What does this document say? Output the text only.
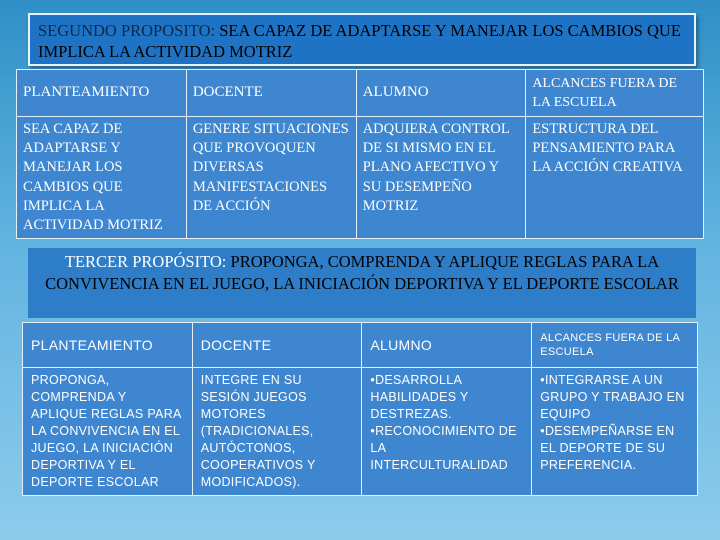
SEGUNDO PROPOSITO: SEA CAPAZ DE ADAPTARSE Y MANEJAR LOS CAMBIOS QUE IMPLICA LA ACTIVIDAD MOTRIZ
PLANTEAMIENTO	DOCENTE	ALUMNO	ALCANCES FUERA DE LA ESCUELA
SEA CAPAZ DE ADAPTARSE Y MANEJAR LOS CAMBIOS QUE IMPLICA LA ACTIVIDAD MOTRIZ	GENERE SITUACIONES QUE PROVOQUEN DIVERSAS MANIFESTACIONES DE ACCIÓN	ADQUIERA CONTROL DE SI MISMO EN EL PLANO AFECTIVO Y SU DESEMPEÑO MOTRIZ	ESTRUCTURA DEL PENSAMIENTO PARA LA ACCIÓN CREATIVA
TERCER PROPÓSITO: PROPONGA, COMPRENDA Y APLIQUE REGLAS PARA LA CONVIVENCIA EN EL JUEGO, LA INICIACIÓN DEPORTIVA Y EL DEPORTE ESCOLAR
PLANTEAMIENTO	DOCENTE	ALUMNO	ALCANCES FUERA DE LA ESCUELA
PROPONGA, COMPRENDA Y APLIQUE REGLAS PARA LA CONVIVENCIA EN EL JUEGO, LA INICIACIÓN DEPORTIVA Y EL DEPORTE ESCOLAR	INTEGRE EN SU SESIÓN JUEGOS MOTORES (TRADICIONALES, AUTÓCTONOS, COOPERATIVOS Y MODIFICADOS).	•DESARROLLA HABILIDADES Y DESTREZAS. •RECONOCIMIENTO DE LA INTERCULTURALIDAD	•INTEGRARSE A UN GRUPO Y TRABAJO EN EQUIPO •DESEMPEÑARSE EN EL DEPORTE DE SU PREFERENCIA.
